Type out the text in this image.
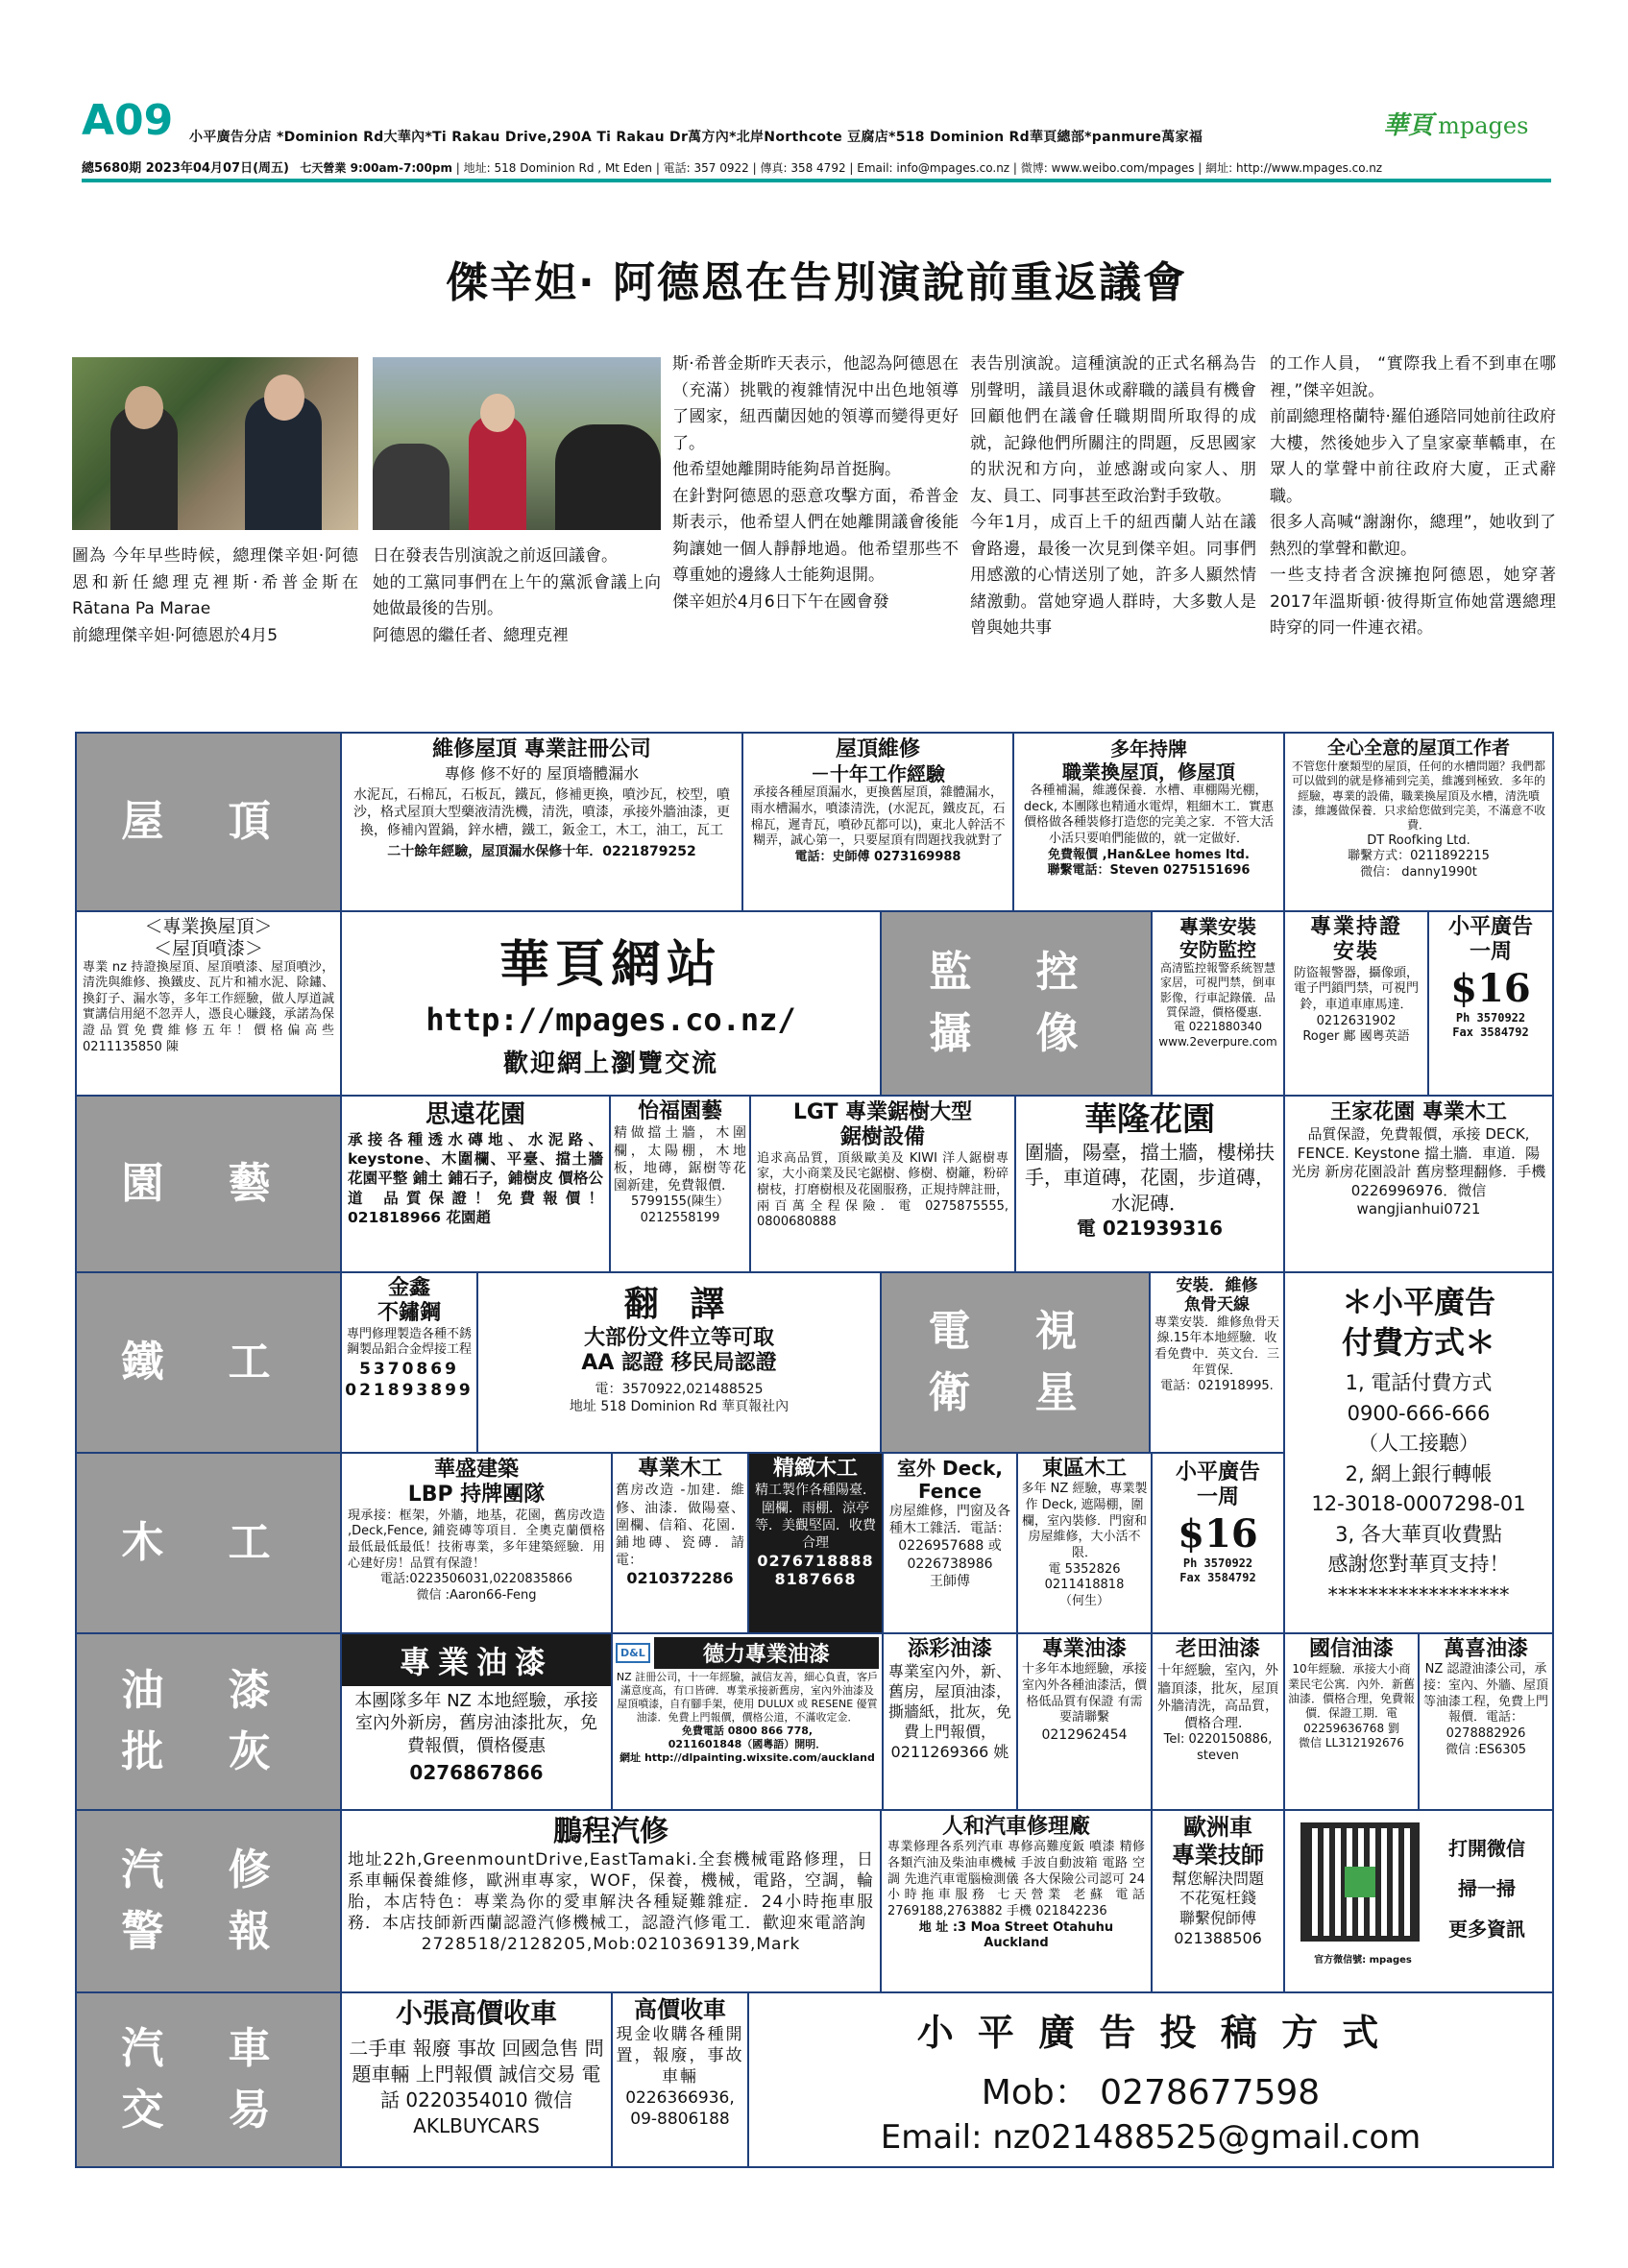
A09 小平廣告分店 *Dominion Rd大華內*Ti Rakau Drive,290A Ti Rakau Dr萬方內*北岸Northcote 豆腐店*518 Dominion Rd華頁總部*panmure萬家福	華頁 mpages
總5680期 2023年04月07日(周五) 七天營業 9:00am-7:00pm | 地址: 518 Dominion Rd , Mt Eden | 電話: 357 0922 | 傳真: 358 4792 | Email: info@mpages.co.nz | 微博: www.weibo.com/mpages | 網址: http://www.mpages.co.nz
傑辛妲· 阿德恩在告別演說前重返議會
圖為 今年早些時候，總理傑辛妲·阿德恩和新任總理克裡斯·希普金斯在Rātana Pa Marae
前總理傑辛妲·阿德恩於4月5
日在發表告別演說之前返回議會。
她的工黨同事們在上午的黨派會議上向她做最後的告別。
阿德恩的繼任者、總理克裡
斯·希普金斯昨天表示，他認為阿德恩在（充滿）挑戰的複雜情況中出色地領導了國家，紐西蘭因她的領導而變得更好了。
他希望她離開時能夠昂首挺胸。
在針對阿德恩的惡意攻擊方面，希普金斯表示，他希望人們在她離開議會後能夠讓她一個人靜靜地過。他希望那些不尊重她的邊緣人士能夠退開。
傑辛妲於4月6日下午在國會發
表告別演說。這種演說的正式名稱為告別聲明，議員退休或辭職的議員有機會回顧他們在議會任職期間所取得的成就，記錄他們所關注的問題，反思國家的狀況和方向，並感謝或向家人、朋友、員工、同事甚至政治對手致敬。
今年1月，成百上千的紐西蘭人站在議會路邊，最後一次見到傑辛妲。同事們用感激的心情送別了她，許多人顯然情緒激動。當她穿過人群時，大多數人是曾與她共事
的工作人員， “實際我上看不到車在哪裡，”傑辛妲說。
前副總理格蘭特·羅伯遜陪同她前往政府大樓，然後她步入了皇家豪華轎車，在眾人的掌聲中前往政府大廈，正式辭職。
很多人高喊“謝謝你，總理”，她收到了熱烈的掌聲和歡迎。
一些支持者含淚擁抱阿德恩，她穿著2017年溫斯頓·彼得斯宣佈她當選總理時穿的同一件連衣裙。
屋 頂
維修屋頂 專業註冊公司
專修 修不好的 屋頂墻體漏水
水泥瓦，石棉瓦，石板瓦，鐵瓦，修補更換，噴沙瓦，校型，噴沙，格式屋頂大型藥液清洗機，清洗，噴漆，承接外牆油漆，更換，修補內置鍋，鋅水槽，鐵工，鈑金工，木工，油工，瓦工
二十餘年經驗，屋頂漏水保修十年．0221879252
屋頂維修
－十年工作經驗
承接各種屋頂漏水，更換舊屋頂，雜體漏水，雨水槽漏水，噴漆清洗，(水泥瓦，鐵皮瓦，石棉瓦，遲青瓦，噴砂瓦都可以)，東北人幹活不糊弄，誠心第一，只要屋頂有問題找我就對了
電話：史師傅 0273169988
多年持牌
職業換屋頂，修屋頂
各種補漏，維護保養．水槽、車棚陽光棚，deck, 本團隊也精通水電焊，粗細木工．實惠價格做各種裝修打造您的完美之家．不管大活小活只要咱們能做的，就一定做好．
免費報價 ,Han&Lee homes ltd.
聯繫電話：Steven 0275151696
全心全意的屋頂工作者
不管您什麼類型的屋頂，任何的水槽問題？我們都可以做到的就是修補到完美，維護到極致．多年的經驗，專業的設備，職業換屋頂及水槽，清洗噴漆，維護做保養．只求給您做到完美，不滿意不收費．
DT Roofking Ltd.
聯繫方式：0211892215
微信： danny1990t
＜專業換屋頂＞
＜屋頂噴漆＞
專業 nz 持證換屋頂、屋頂噴漆、屋頂噴沙，清洗與維修、換鐵皮、瓦片和補水泥、除鏽、換釘子、漏水等，多年工作經驗，做人厚道誠實講信用絕不忽弄人，憑良心賺錢，承諾為保證品質免費維修五年！價格偏高些 0211135850 陳
華頁網站
http://mpages.co.nz/
歡迎網上瀏覽交流
監 控
攝 像
專業安裝
安防監控
高清監控報警系統智慧家居，可視門禁，倒車影像，行車記錄儀．品質保證，價格優惠．
電 0221880340
www.2everpure.com
專業持證
安裝
防盜報警器，攝像頭，電子門鎖門禁，可視門鈴，車道車庫馬達．
0212631902
Roger 鄺 國粵英語
小平廣告
一周
$16
Ph 3570922
Fax 3584792
園 藝
思遠花園
承接各種透水磚地、水泥路、keystone、木圍欄、平臺、擋土牆 花園平整 鋪土 鋪石子，鋪樹皮 價格公道 品質保證！免費報價！ 021818966 花園趙
怡福園藝
精做擋土牆，木圍欄，太陽棚，木地板，地磚，鋸樹等花園新建，免費報價．
5799155(陳生）
0212558199
LGT 專業鋸樹大型
鋸樹設備
追求高品質，頂級歐美及 KIWI 洋人鋸樹專家，大小商業及民宅鋸樹、修樹、樹籬，粉碎樹枝，打磨樹根及花園服務，正規持牌註冊，兩百萬全程保險．電 0275875555, 0800680888
華隆花園
圍牆，陽臺，擋土牆，樓梯扶手，車道磚，花園，步道磚，水泥磚．
電 021939316
王家花園 專業木工
品質保證，免費報價，承接 DECK, FENCE. Keystone 擋土牆．車道．陽光房 新房花園設計 舊房整理翻修．手機 0226996976．微信 wangjianhui0721
鐵 工
金鑫
不鏽鋼
專門修理製造各種不銹鋼製品鋁合金焊接工程
5370869
021893899
翻 譯
大部份文件立等可取
AA 認證 移民局認證
電：3570922,021488525
地址 518 Dominion Rd 華頁報社內
電 視
衛 星
安裝．維修
魚骨天線
專業安裝．維修魚骨天線.15年本地經驗．收看免費中．英文台．三年質保．
電話：021918995.
＊小平廣告
付費方式＊
1, 電話付費方式
0900-666-666
（人工接聽）
2, 網上銀行轉帳
12-3018-0007298-01
3, 各大華頁收費點
感謝您對華頁支持！
******************
木 工
華盛建築
LBP 持牌團隊
現承接：框架，外牆，地基，花園，舊房改造 ,Deck,Fence, 鋪瓷磚等項目．全奧克蘭價格最低最低最低！技術專業，多年建築經驗．用心建好房！品質有保證！
電話:0223506031,0220835866
微信 :Aaron66-Feng
專業木工
舊房改造 -加建．維修、油漆．做陽臺、圍欄、信箱、花園．鋪地磚、瓷磚．請電：
0210372286
精緻木工
精工製作各種陽臺．圍欄．雨棚．涼亭等．美觀堅固．收費合理
0276718888
8187668
室外 Deck,
Fence
房屋維修，門窗及各種木工雜活．電話：0226957688 或 0226738986
王師傅
東區木工
多年 NZ 經驗，專業製作 Deck, 遮陽棚，圍欄，室內裝修．門窗和房屋維修，大小活不限．
電 5352826
0211418818
（何生）
小平廣告
一周
$16
Ph 3570922
Fax 3584792
油 漆
批 灰
專業油漆
本團隊多年 NZ 本地經驗，承接室內外新房，舊房油漆批灰，免費報價，價格優惠
0276867866
D&L	德力專業油漆
NZ 註冊公司，十一年經驗，誠信友善，細心負責，客戶滿意度高，有口皆碑．專業承接新舊房，室內外油漆及屋頂噴漆，自有腳手架，使用 DULUX 或 RESENE 優質油漆．免費上門報價，價格公道，不滿收定金．
免費電話 0800 866 778,
0211601848（國粵語）開明．
網址 http://dlpainting.wixsite.com/auckland
添彩油漆
專業室內外，新、舊房，屋頂油漆，撕牆紙，批灰，免費上門報價，
0211269366 姚
專業油漆
十多年本地經驗，承接室內外各種油漆活，價格低品質有保證 有需要請聯繫
0212962454
老田油漆
十年經驗，室內，外牆頂漆，批灰，屋頂外牆清洗，高品質，價格合理．
Tel: 0220150886,
steven
國信油漆
10年經驗．承接大小商業民宅公寓．內外．新舊油漆．價格合理，免費報價．保證工期．電 02259636768 劉
微信 LL312192676
萬喜油漆
NZ 認證油漆公司，承接：室內、外牆、屋頂等油漆工程，免費上門報價．電話：0278882926
微信 :ES6305
汽 修
警 報
鵬程汽修
地址22h,GreenmountDrive,EastTamaki.全套機械電路修理，日系車輛保養維修，歐洲車專家，WOF，保養，機械，電路，空調，輪胎，本店特色：專業為你的愛車解決各種疑難雜症．24小時拖車服務．本店技師新西蘭認證汽修機械工，認證汽修電工．歡迎來電諮詢
2728518/2128205,Mob:0210369139,Mark
人和汽車修理廠
專業修理各系列汽車 專修高難度鈑 噴漆 精修各類汽油及柴油車機械 手波自動波箱 電路 空調 先進汽車電腦檢測儀 各大保險公司認可 24小時拖車服務 七天營業 老蘇 電話 2769188,2763882 手機 021842236
地 址 :3 Moa Street Otahuhu
Auckland
歐洲車
專業技師
幫您解決問題
不花冤枉錢
聯繫倪師傅
021388506
官方微信號: mpages
打開微信
掃一掃
更多資訊
汽 車
交 易
小張高價收車
二手車 報廢 事故 回國急售 問題車輛 上門報價 誠信交易 電話 0220354010 微信 AKLBUYCARS
高價收車
現金收購各種開置，報廢，事故車輛
0226366936,
09-8806188
小 平 廣 告 投 稿 方 式
Mob： 0278677598
Email: nz021488525@gmail.com
